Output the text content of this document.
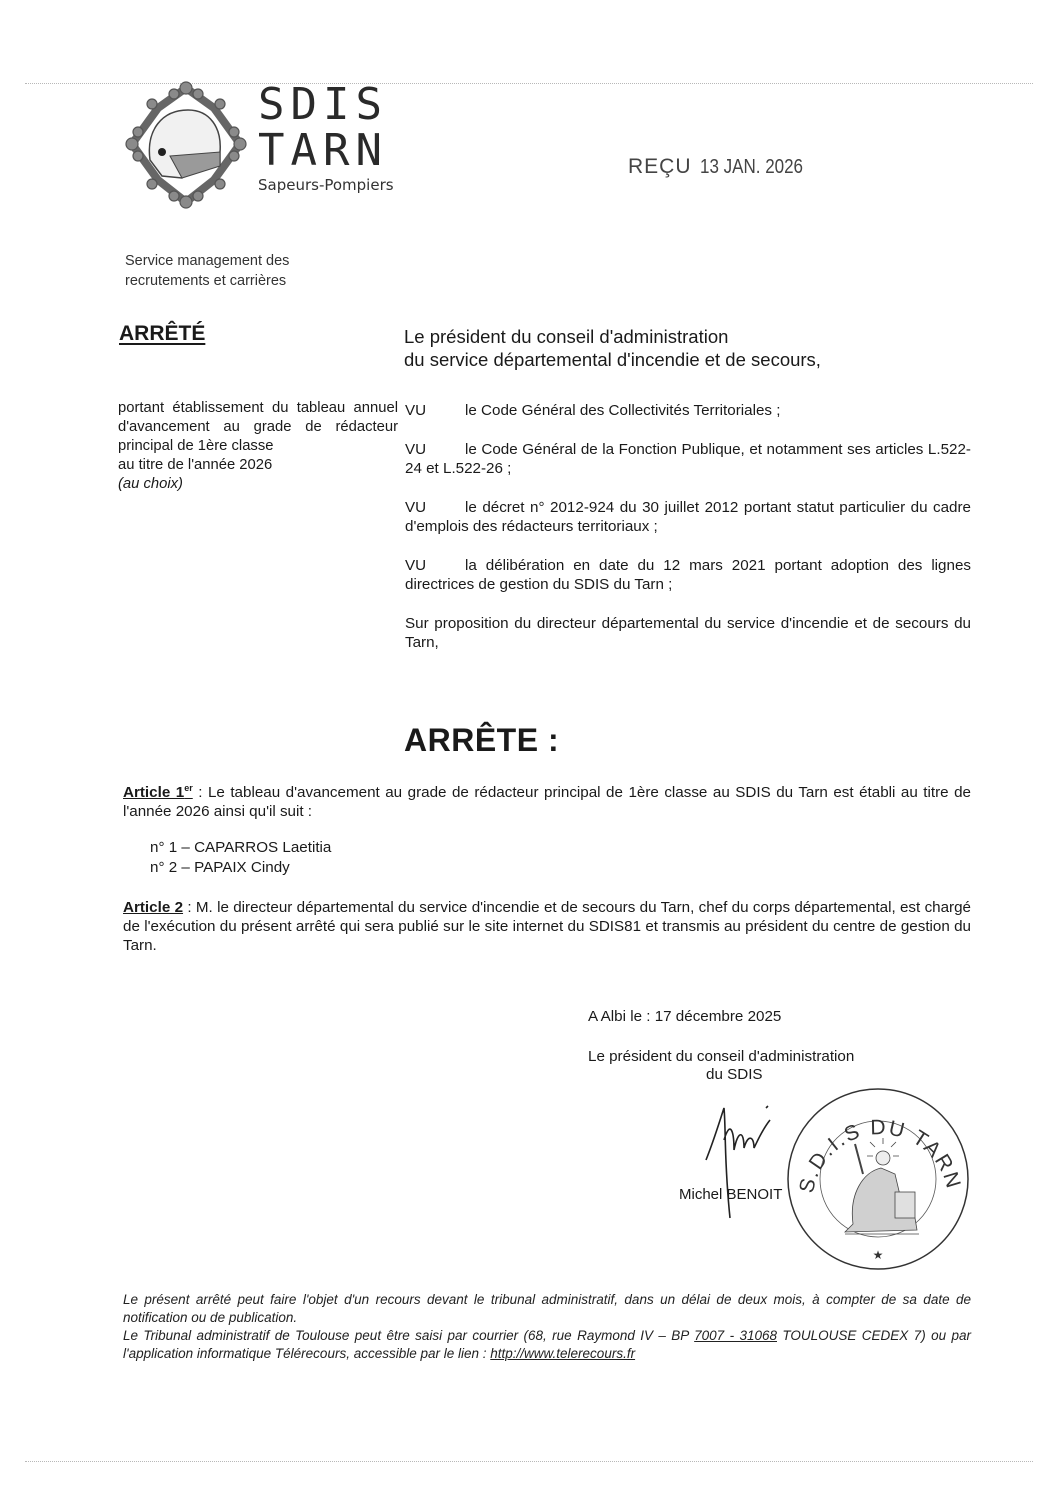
SDIS
TARN
Sapeurs-Pompiers
REÇU 13 JAN. 2026
Service management des
recrutements et carrières
ARRÊTÉ	Le président du conseil d'administration
du service départemental d'incendie et de secours,
portant établissement du tableau annuel d'avancement au grade de rédacteur principal de 1ère classe
au titre de l'année 2026
(au choix)
VU	le Code Général des Collectivités Territoriales ;
VU	le Code Général de la Fonction Publique, et notamment ses articles L.522-24 et L.522-26 ;
VU	le décret n° 2012-924 du 30 juillet 2012 portant statut particulier du cadre d'emplois des rédacteurs territoriaux ;
VU	la délibération en date du 12 mars 2021 portant adoption des lignes directrices de gestion du SDIS du Tarn ;
Sur proposition du directeur départemental du service d'incendie et de secours du Tarn,
ARRÊTE :
Article 1er : Le tableau d'avancement au grade de rédacteur principal de 1ère classe au SDIS du Tarn est établi au titre de l'année 2026 ainsi qu'il suit :
n° 1 – CAPARROS Laetitia
n° 2 – PAPAIX Cindy
Article 2 : M. le directeur départemental du service d'incendie et de secours du Tarn, chef du corps départemental, est chargé de l'exécution du présent arrêté qui sera publié sur le site internet du SDIS81 et transmis au président du centre de gestion du Tarn.
A Albi le : 17 décembre 2025
Le président du conseil d'administration
du SDIS
Michel BENOIT S.D.I.S DU TARN
★
Le présent arrêté peut faire l'objet d'un recours devant le tribunal administratif, dans un délai de deux mois, à compter de sa date de notification ou de publication.
Le Tribunal administratif de Toulouse peut être saisi par courrier (68, rue Raymond IV – BP 7007 - 31068 TOULOUSE CEDEX 7) ou par l'application informatique Télérecours, accessible par le lien : http://www.telerecours.fr
